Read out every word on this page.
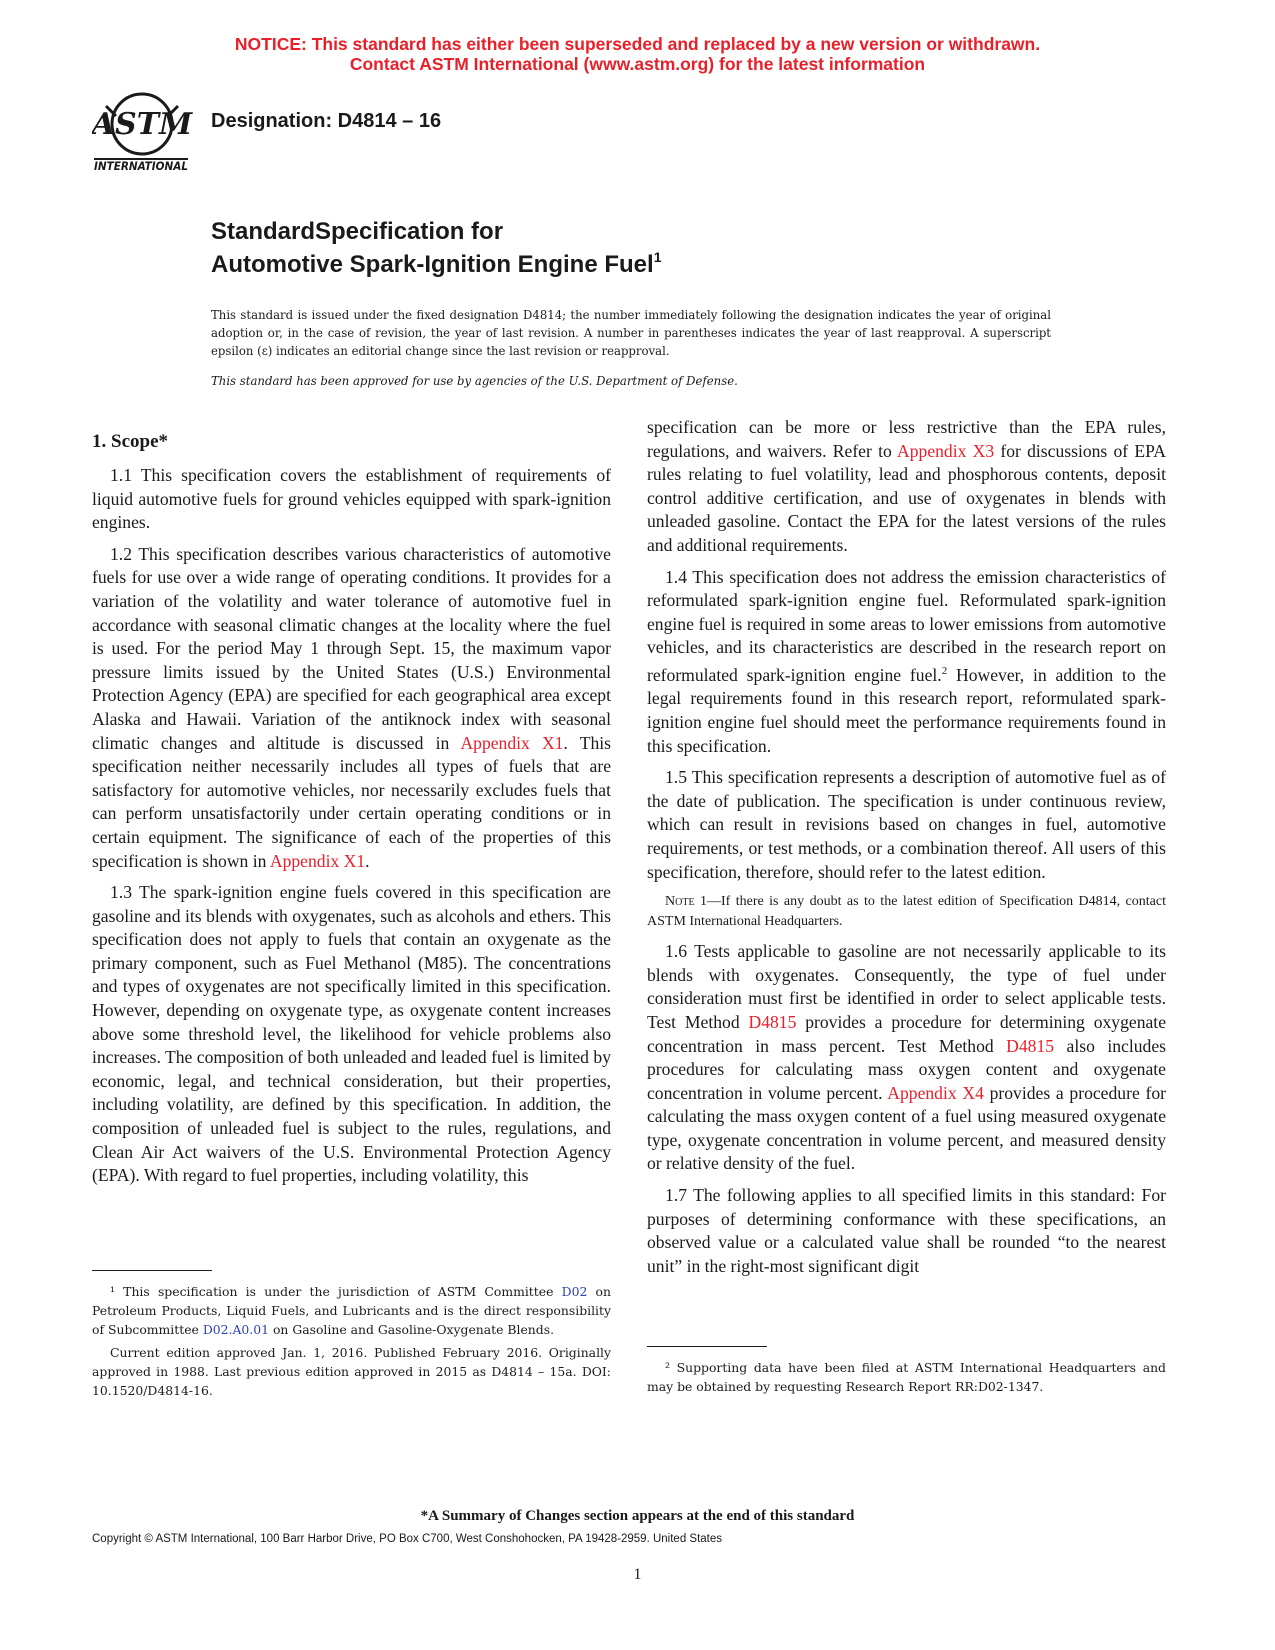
NOTICE: This standard has either been superseded and replaced by a new version or withdrawn.
Contact ASTM International (www.astm.org) for the latest information
ASTM
INTERNATIONAL
Designation: D4814 – 16
StandardSpecification for
Automotive Spark-Ignition Engine Fuel$^1$
This standard is issued under the fixed designation D4814; the number immediately following the designation indicates the year of original adoption or, in the case of revision, the year of last revision. A number in parentheses indicates the year of last reapproval. A superscript epsilon (ε) indicates an editorial change since the last revision or reapproval.
This standard has been approved for use by agencies of the U.S. Department of Defense.
1. Scope*

1.1 This specification covers the establishment of requirements of liquid automotive fuels for ground vehicles equipped with spark-ignition engines.

1.2 This specification describes various characteristics of automotive fuels for use over a wide range of operating conditions. It provides for a variation of the volatility and water tolerance of automotive fuel in accordance with seasonal climatic changes at the locality where the fuel is used. For the period May 1 through Sept. 15, the maximum vapor pressure limits issued by the United States (U.S.) Environmental Protection Agency (EPA) are specified for each geographical area except Alaska and Hawaii. Variation of the antiknock index with seasonal climatic changes and altitude is discussed in Appendix X1. This specification neither necessarily includes all types of fuels that are satisfactory for automotive vehicles, nor necessarily excludes fuels that can perform unsatisfactorily under certain operating conditions or in certain equipment. The significance of each of the properties of this specification is shown in Appendix X1.

1.3 The spark-ignition engine fuels covered in this specification are gasoline and its blends with oxygenates, such as alcohols and ethers. This specification does not apply to fuels that contain an oxygenate as the primary component, such as Fuel Methanol (M85). The concentrations and types of oxygenates are not specifically limited in this specification. However, depending on oxygenate type, as oxygenate content increases above some threshold level, the likelihood for vehicle problems also increases. The composition of both unleaded and leaded fuel is limited by economic, legal, and technical consideration, but their properties, including volatility, are defined by this specification. In addition, the composition of unleaded fuel is subject to the rules, regulations, and Clean Air Act waivers of the U.S. Environmental Protection Agency (EPA). With regard to fuel properties, including volatility, this

¹ This specification is under the jurisdiction of ASTM Committee D02 on Petroleum Products, Liquid Fuels, and Lubricants and is the direct responsibility of Subcommittee D02.A0.01 on Gasoline and Gasoline-Oxygenate Blends.

Current edition approved Jan. 1, 2016. Published February 2016. Originally approved in 1988. Last previous edition approved in 2015 as D4814 – 15a. DOI: 10.1520/D4814-16.

specification can be more or less restrictive than the EPA rules, regulations, and waivers. Refer to Appendix X3 for discussions of EPA rules relating to fuel volatility, lead and phosphorous contents, deposit control additive certification, and use of oxygenates in blends with unleaded gasoline. Contact the EPA for the latest versions of the rules and additional requirements.

1.4 This specification does not address the emission characteristics of reformulated spark-ignition engine fuel. Reformulated spark-ignition engine fuel is required in some areas to lower emissions from automotive vehicles, and its characteristics are described in the research report on reformulated spark-ignition engine fuel.$^2$ However, in addition to the legal requirements found in this research report, reformulated spark-ignition engine fuel should meet the performance requirements found in this specification.

1.5 This specification represents a description of automotive fuel as of the date of publication. The specification is under continuous review, which can result in revisions based on changes in fuel, automotive requirements, or test methods, or a combination thereof. All users of this specification, therefore, should refer to the latest edition.

Note 1—If there is any doubt as to the latest edition of Specification D4814, contact ASTM International Headquarters.

1.6 Tests applicable to gasoline are not necessarily applicable to its blends with oxygenates. Consequently, the type of fuel under consideration must first be identified in order to select applicable tests. Test Method D4815 provides a procedure for determining oxygenate concentration in mass percent. Test Method D4815 also includes procedures for calculating mass oxygen content and oxygenate concentration in volume percent. Appendix X4 provides a procedure for calculating the mass oxygen content of a fuel using measured oxygenate type, oxygenate concentration in volume percent, and measured density or relative density of the fuel.

1.7 The following applies to all specified limits in this standard: For purposes of determining conformance with these specifications, an observed value or a calculated value shall be rounded “to the nearest unit” in the right-most significant digit

² Supporting data have been filed at ASTM International Headquarters and may be obtained by requesting Research Report RR:D02-1347.

*A Summary of Changes section appears at the end of this standard
Copyright © ASTM International, 100 Barr Harbor Drive, PO Box C700, West Conshohocken, PA 19428-2959. United States
1
